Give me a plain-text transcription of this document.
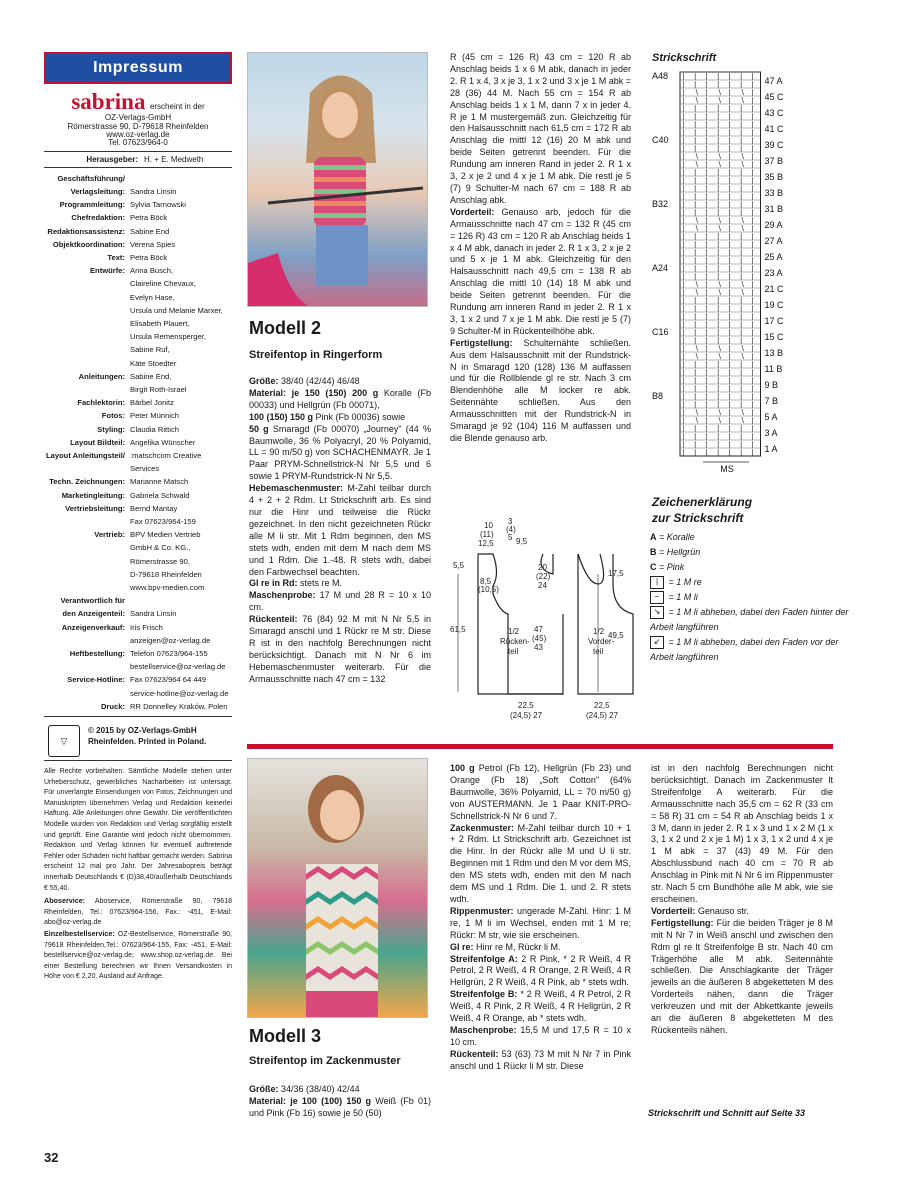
Impressum
sabrina erscheint in der
OZ-Verlags-GmbH
Römerstrasse 90, D-79618 Rheinfelden
www.oz-verlag.de
Tel. 07623/964-0
Herausgeber: H. + E. Medweth
Geschäftsführung/
Verlagsleitung: Sandra Linsin
Programmleitung: Sylvia Tarnowski
Chefredaktion: Petra Böck
Redaktionsassistenz: Sabine End
Objektkoordination: Verena Spies
Text: Petra Böck
Entwürfe: Anna Busch,
Claireline Chevaux,
Evelyn Hase,
Ursula und Melanie Marxer,
Elisabeth Plauert,
Ursula Remensperger,
Sabine Ruf,
Käte Stoedter
Anleitungen: Sabine End,
Birgit Roth-Israel
Fachlektorin: Bärbel Jonitz
Fotos: Peter Münnich
Styling: Claudia Rittich
Layout Bildteil: Angelika Wünscher
Layout Anleitungsteil/ :matschcom Creative Services
Techn. Zeichnungen: Marianne Matsch
Marketingleitung: Gabriela Schwald
Vertriebsleitung: Bernd Mantay
Fax 07623/964-159
Vertrieb: BPV Medien Vertrieb
GmbH & Co. KG.,
Römerstrasse 90,
D-79618 Rheinfelden
www.bpv-medien.com
Verantwortlich für
den Anzeigenteil: Sandra Linsin
Anzeigenverkauf: Iris Frisch
anzeigen@oz-verlag.de
Heftbestellung: Telefon 07623/964-155
bestellservice@oz-verlag.de
Service-Hotline: Fax 07623/964 64 449
service-hotline@oz-verlag.de
Druck: RR Donnelley Kraków, Polen
▽
© 2015 by OZ-Verlags-GmbH
Rheinfelden. Printed in Poland.
Alle Rechte vorbehalten. Sämtliche Modelle stehen unter Urheberschutz, gewerbliches Nacharbeiten ist untersagt. Für unverlangte Einsendungen von Fotos, Zeichnungen und Manuskripten übernehmen Verlag und Redaktion keinerlei Haftung. Alle Anleitungen ohne Gewähr. Die veröffentlichten Modelle wurden von Redaktion und Verlag sorgfältig erstellt und geprüft. Eine Garantie wird jedoch nicht übernommen. Redaktion und Verlag können für eventuell auftretende Fehler oder Schäden nicht haftbar gemacht werden. Sabrina erscheint 12 mal pro Jahr. Der Jahresabopreis beträgt innerhalb Deutschlands € (D)38,40/außerhalb Deutschlands € 55,40.
Aboservice: Aboservice, Römerstraße 90, 79618 Rheinfelden, Tel.: 07623/964-156, Fax.: -451, E-Mail: abo@oz-verlag.de
Einzelbestellservice: OZ-Bestellservice, Römerstraße 90, 79618 Rheinfelden,Tel.: 07623/964-155, Fax: -451, E-Mail: bestellservice@oz-verlag.de; www.shop.oz-verlag.de. Bei einer Bestellung berechnen wir Ihnen Versandkosten in Höhe von € 2,20. Ausland auf Anfrage.
Modell 2
Streifentop in Ringerform

Größe: 38/40 (42/44) 46/48

Material: je 150 (150) 200 g Koralle (Fb 00033) und Hellgrün (Fb 00071),

100 (150) 150 g Pink (Fb 00036) sowie

50 g Smaragd (Fb 00070) „Journey" (44 % Baumwolle, 36 % Polyacryl, 20 % Polyamid, LL = 90 m/50 g) von SCHACHENMAYR. Je 1 Paar PRYM-Schnellstrick-N Nr 5,5 und 6 sowie 1 PRYM-Rundstrick-N Nr 5,5.

Hebemaschenmuster: M-Zahl teilbar durch 4 + 2 + 2 Rdm. Lt Strickschrift arb. Es sind nur die Hinr und teilweise die Rückr gezeichnet. In den nicht gezeichneten Rückr alle M li str. Mit 1 Rdm beginnen, den MS stets wdh, enden mit dem M nach dem MS und 1 Rdm. Die 1.-48. R stets wdh, dabei den Farbwechsel beachten.

Gl re in Rd: stets re M.

Maschenprobe: 17 M und 28 R = 10 x 10 cm.

Rückenteil: 76 (84) 92 M mit N Nr 5,5 in Smaragd anschl und 1 Rückr re M str. Diese R ist in den nachfolg Berechnungen nicht berücksichtigt. Danach mit N Nr 6 im Hebemaschenmuster weiterarb. Für die Armausschnitte nach 47 cm = 132

R (45 cm = 126 R) 43 cm = 120 R ab Anschlag beids 1 x 6 M abk, danach in jeder 2. R 1 x 4, 3 x je 3, 1 x 2 und 3 x je 1 M abk = 28 (36) 44 M. Nach 55 cm = 154 R ab Anschlag beids 1 x 1 M, dann 7 x in jeder 4. R je 1 M mustergemäß zun. Gleichzeitig für den Halsausschnitt nach 61,5 cm = 172 R ab Anschlag die mittl 12 (16) 20 M abk und beide Seiten getrennt beenden. Für die Rundung am inneren Rand in jeder 2. R 1 x 3, 2 x je 2 und 4 x je 1 M abk. Die restl je 5 (7) 9 Schulter-M nach 67 cm = 188 R ab Anschlag abk.

Vorderteil: Genauso arb, jedoch für die Armausschnitte nach 47 cm = 132 R (45 cm = 126 R) 43 cm = 120 R ab Anschlag beids 1 x 4 M abk, danach in jeder 2. R 1 x 3, 2 x je 2 und 5 x je 1 M abk. Gleichzeitig für den Halsausschnitt nach 49,5 cm = 138 R ab Anschlag die mittl 10 (14) 18 M abk und beide Seiten getrennt beenden. Für die Rundung am inneren Rand in jeder 2. R 1 x 3, 1 x 2 und 7 x je 1 M abk. Die restl je 5 (7) 9 Schulter-M in Rückenteilhöhe abk.

Fertigstellung: Schulternähte schließen. Aus dem Halsausschnitt mit der Rundstrick-N in Smaragd 120 (128) 136 M auffassen und für die Rollblende gl re str. Nach 3 cm Blendenhöhe alle M locker re abk. Seitennähte schließen. Aus den Armausschnitten mit der Rundstrick-N in Smaragd je 92 (104) 116 M auffassen und die Blende genauso arb.

1/2
Rücken-
teil
1/2
Vorder-
teil
10
(11)
12,5
3
(4)
5 9,5
5,5	20
(22)
24
8,5
(10,5)
47
(45)
43
61,5
17,5
49,5
22,5
(24,5) 27
22,5
(24,5) 27
Strickschrift
| | | | | | |
| | | | | | |
| ∖ | ∖ | ∖ |
| ∖ | ∖ | ∖ |
| | | | | | |
| | | | | | |
| | | | | | |
| | | | | | |
| | | | | | |
| | | | | | |
| ∖ | ∖ | ∖ |
| ∖ | ∖ | ∖ |
| | | | | | |
| | | | | | |
| | | | | | |
| | | | | | |
| | | | | | |
| | | | | | |
| ∖ | ∖ | ∖ |
| ∖ | ∖ | ∖ |
| | | | | | |
| | | | | | |
| | | | | | |
| | | | | | |
| | | | | | |
| | | | | | |
| ∖ | ∖ | ∖ |
| ∖ | ∖ | ∖ |
| | | | | | |
| | | | | | |
| | | | | | |
| | | | | | |
| | | | | | |
| | | | | | |
| ∖ | ∖ | ∖ |
| ∖ | ∖ | ∖ |
| | | | | | |
| | | | | | |
| | | | | | |
| | | | | | |
| | | | | | |
| | | | | | |
| ∖ | ∖ | ∖ |
| ∖ | ∖ | ∖ |
| | | | | | |
| | | | | | |
| | | | | | |
| | | | | | |
A48
C40
B32
A24
C16
B8
47 A
45 C
43 C
41 C
39 C
37 B
35 B
33 B
31 B
29 A
27 A
25 A
23 A
21 C
19 C
17 C
15 C
13 B
11 B
9 B
7 B
5 A
3 A
1 A
MS
Zeichenerklärung
zur Strickschrift
A = Koralle
B = Hellgrün
C = Pink
| = 1 M re
− = 1 M li
↘ = 1 M li abheben, dabei den Faden hinter der Arbeit langführen
↙ = 1 M li abheben, dabei den Faden vor der Arbeit langführen
Modell 3
Streifentop im Zackenmuster

Größe: 34/36 (38/40) 42/44

Material: je 100 (100) 150 g Weiß (Fb 01) und Pink (Fb 16) sowie je 50 (50)

100 g Petrol (Fb 12), Hellgrün (Fb 23) und Orange (Fb 18) „Soft Cotton" (64% Baumwolle, 36% Polyamid, LL = 70 m/50 g) von AUSTERMANN. Je 1 Paar KNIT-PRO-Schnellstrick-N Nr 6 und 7.

Zackenmuster: M-Zahl teilbar durch 10 + 1 + 2 Rdm. Lt Strickschrift arb. Gezeichnet ist die Hinr. In der Rückr alle M und U li str. Beginnen mit 1 Rdm und den M vor dem MS, den MS stets wdh, enden mit den M nach dem MS und 1 Rdm. Die 1. und 2. R stets wdh.

Rippenmuster: ungerade M-Zahl. Hinr: 1 M re, 1 M li im Wechsel, enden mit 1 M re; Rückr: M str, wie sie erscheinen.

Gl re: Hinr re M, Rückr li M.

Streifenfolge A: 2 R Pink, * 2 R Weiß, 4 R Petrol, 2 R Weiß, 4 R Orange, 2 R Weiß, 4 R Hellgrün, 2 R Weiß, 4 R Pink, ab * stets wdh.

Streifenfolge B: * 2 R Weiß, 4 R Petrol, 2 R Weiß, 4 R Pink, 2 R Weiß, 4 R Hellgrün, 2 R Weiß, 4 R Orange, ab * stets wdh.

Maschenprobe: 15,5 M und 17,5 R = 10 x 10 cm.

Rückenteil: 53 (63) 73 M mit N Nr 7 in Pink anschl und 1 Rückr li M str. Diese

ist in den nachfolg Berechnungen nicht berücksichtigt. Danach im Zackenmuster lt Streifenfolge A weiterarb. Für die Armausschnitte nach 35,5 cm = 62 R (33 cm = 58 R) 31 cm = 54 R ab Anschlag beids 1 x 3 M, dann in jeder 2. R 1 x 3 und 1 x 2 M (1 x 3, 1 x 2 und 2 x je 1 M) 1 x 3, 1 x 2 und 4 x je 1 M abk = 37 (43) 49 M. Für den Abschlussbund nach 40 cm = 70 R ab Anschlag in Pink mit N Nr 6 im Rippenmuster str. Nach 5 cm Bundhöhe alle M abk, wie sie erscheinen.

Vorderteil: Genauso str.

Fertigstellung: Für die beiden Träger je 8 M mit N Nr 7 in Weiß anschl und zwischen den Rdm gl re lt Streifenfolge B str. Nach 40 cm Trägerhöhe alle M abk. Seitennähte schließen. Die Anschlagkante der Träger jeweils an die äußeren 8 abgeketteten M des Vorderteils nähen, dann die Träger verkreuzen und mit der Abkettkante jeweils an die äußeren 8 abgeketteten M des Rückenteils nähen.

Strickschrift und Schnitt auf Seite 33
32
